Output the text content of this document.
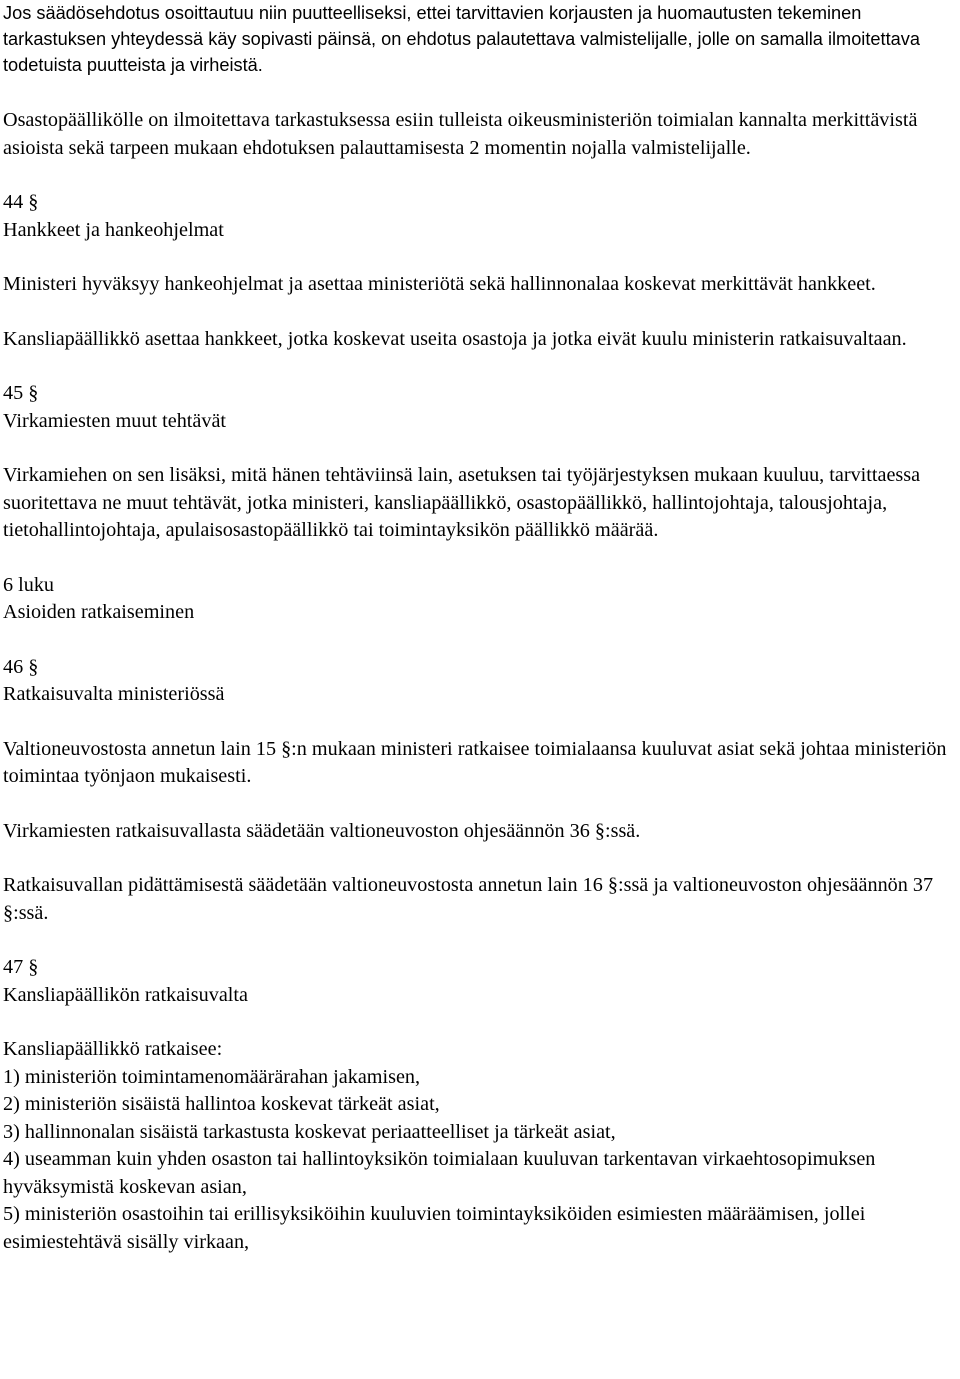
Jos säädösehdotus osoittautuu niin puutteelliseksi, ettei tarvittavien korjausten ja huomautusten tekeminen tarkastuksen yhteydessä käy sopivasti päinsä, on ehdotus palautettava valmistelijalle, jolle on samalla ilmoitettava todetuista puutteista ja virheistä.

Osastopäällikölle on ilmoitettava tarkastuksessa esiin tulleista oikeusministeriön toimialan kannalta merkittävistä asioista sekä tarpeen mukaan ehdotuksen palauttamisesta 2 momentin nojalla valmistelijalle.

44 §
Hankkeet ja hankeohjelmat

Ministeri hyväksyy hankeohjelmat ja asettaa ministeriötä sekä hallinnonalaa koskevat merkittävät hankkeet.

Kansliapäällikkö asettaa hankkeet, jotka koskevat useita osastoja ja jotka eivät kuulu ministerin ratkaisuvaltaan.

45 §
Virkamiesten muut tehtävät

Virkamiehen on sen lisäksi, mitä hänen tehtäviinsä lain, asetuksen tai työjärjestyksen mukaan kuuluu, tarvittaessa suoritettava ne muut tehtävät, jotka ministeri, kansliapäällikkö, osastopäällikkö, hallintojohtaja, talousjohtaja, tietohallintojohtaja, apulaisosastopäällikkö tai toimintayksikön päällikkö määrää.

6 luku
Asioiden ratkaiseminen
46 §
Ratkaisuvalta ministeriössä

Valtioneuvostosta annetun lain 15 §:n mukaan ministeri ratkaisee toimialaansa kuuluvat asiat sekä johtaa ministeriön toimintaa työnjaon mukaisesti.

Virkamiesten ratkaisuvallasta säädetään valtioneuvoston ohjesäännön 36 §:ssä.

Ratkaisuvallan pidättämisestä säädetään valtioneuvostosta annetun lain 16 §:ssä ja valtioneuvoston ohjesäännön 37 §:ssä.

47 §
Kansliapäällikön ratkaisuvalta
Kansliapäällikkö ratkaisee:
1) ministeriön toimintamenomäärärahan jakamisen,
2) ministeriön sisäistä hallintoa koskevat tärkeät asiat,
3) hallinnonalan sisäistä tarkastusta koskevat periaatteelliset ja tärkeät asiat,
4) useamman kuin yhden osaston tai hallintoyksikön toimialaan kuuluvan tarkentavan virkaehtosopimuksen hyväksymistä koskevan asian,
5) ministeriön osastoihin tai erillisyksiköihin kuuluvien toimintayksiköiden esimiesten määräämisen, jollei esimiestehtävä sisälly virkaan,
